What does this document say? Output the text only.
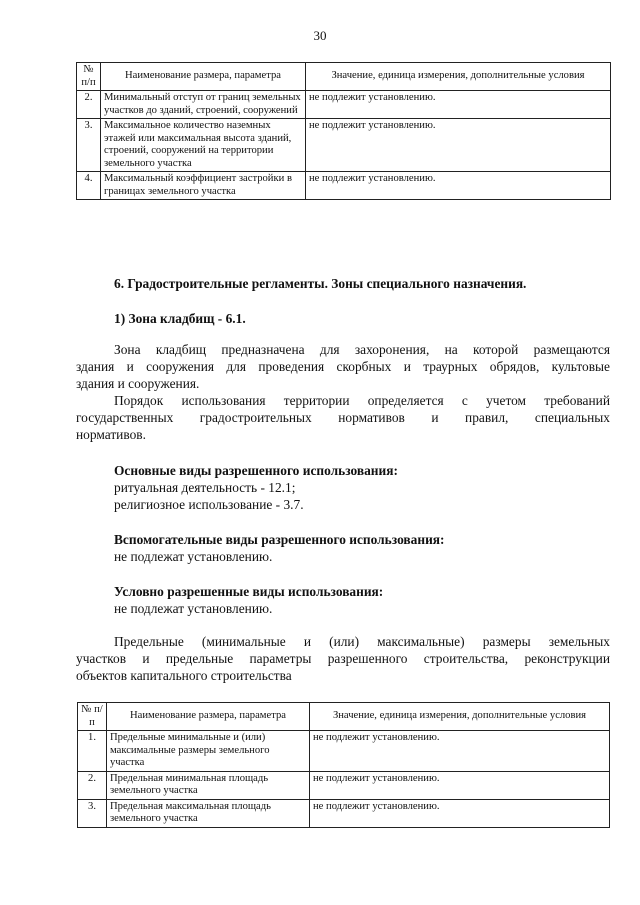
30
№ п/п	Наименование размера, параметра	Значение, единица измерения, дополнительные условия
2.	Минимальный отступ от границ земельных участков до зданий, строений, сооружений	не подлежит установлению.
3.	Максимальное количество наземных этажей или максимальная высота зданий, строений, сооружений на территории земельного участка	не подлежит установлению.
4.	Максимальный коэффициент застройки в границах земельного участка	не подлежит установлению.
6. Градостроительные регламенты. Зоны специального назначения.
1) Зона кладбищ - 6.1.
Зона кладбищ предназначена для захоронения, на которой размещаются
здания и сооружения для проведения скорбных и траурных обрядов, культовые
здания и сооружения.
Порядок использования территории определяется с учетом требований
государственных градостроительных нормативов и правил, специальных
нормативов.
Основные виды разрешенного использования:
ритуальная деятельность - 12.1;
религиозное использование - 3.7.
Вспомогательные виды разрешенного использования:
не подлежат установлению.
Условно разрешенные виды использования:
не подлежат установлению.
Предельные (минимальные и (или) максимальные) размеры земельных
участков и предельные параметры разрешенного строительства, реконструкции
объектов капитального строительства
№ п/п	Наименование размера, параметра	Значение, единица измерения, дополнительные условия
1.	Предельные минимальные и (или) максимальные размеры земельного участка	не подлежит установлению.
2.	Предельная минимальная площадь земельного участка	не подлежит установлению.
3.	Предельная максимальная площадь земельного участка	не подлежит установлению.
